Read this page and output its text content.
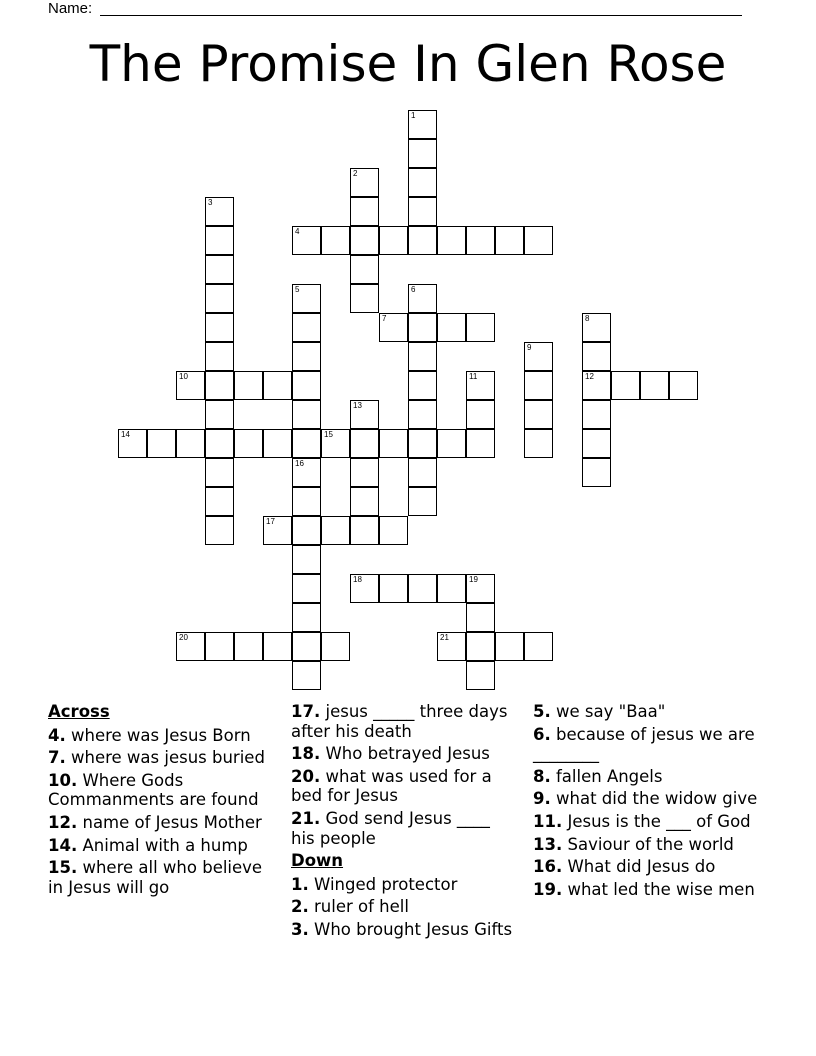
Name:
The Promise In Glen Rose
1
2
3
4
5	6
7	8
12
9
10	11
13
14	15
16
17
18	19
20	21
Across
4. where was Jesus Born
7. where was jesus buried
10. Where Gods Commanments are found
12. name of Jesus Mother
14. Animal with a hump
15. where all who believe in Jesus will go
17. jesus _____ three days after his death
18. Who betrayed Jesus
20. what was used for a bed for Jesus
21. God send Jesus ____ his people
Down
1. Winged protector
2. ruler of hell
3. Who brought Jesus Gifts
5. we say "Baa"
6. because of jesus we are ________
8. fallen Angels
9. what did the widow give
11. Jesus is the ___ of God
13. Saviour of the world
16. What did Jesus do
19. what led the wise men
